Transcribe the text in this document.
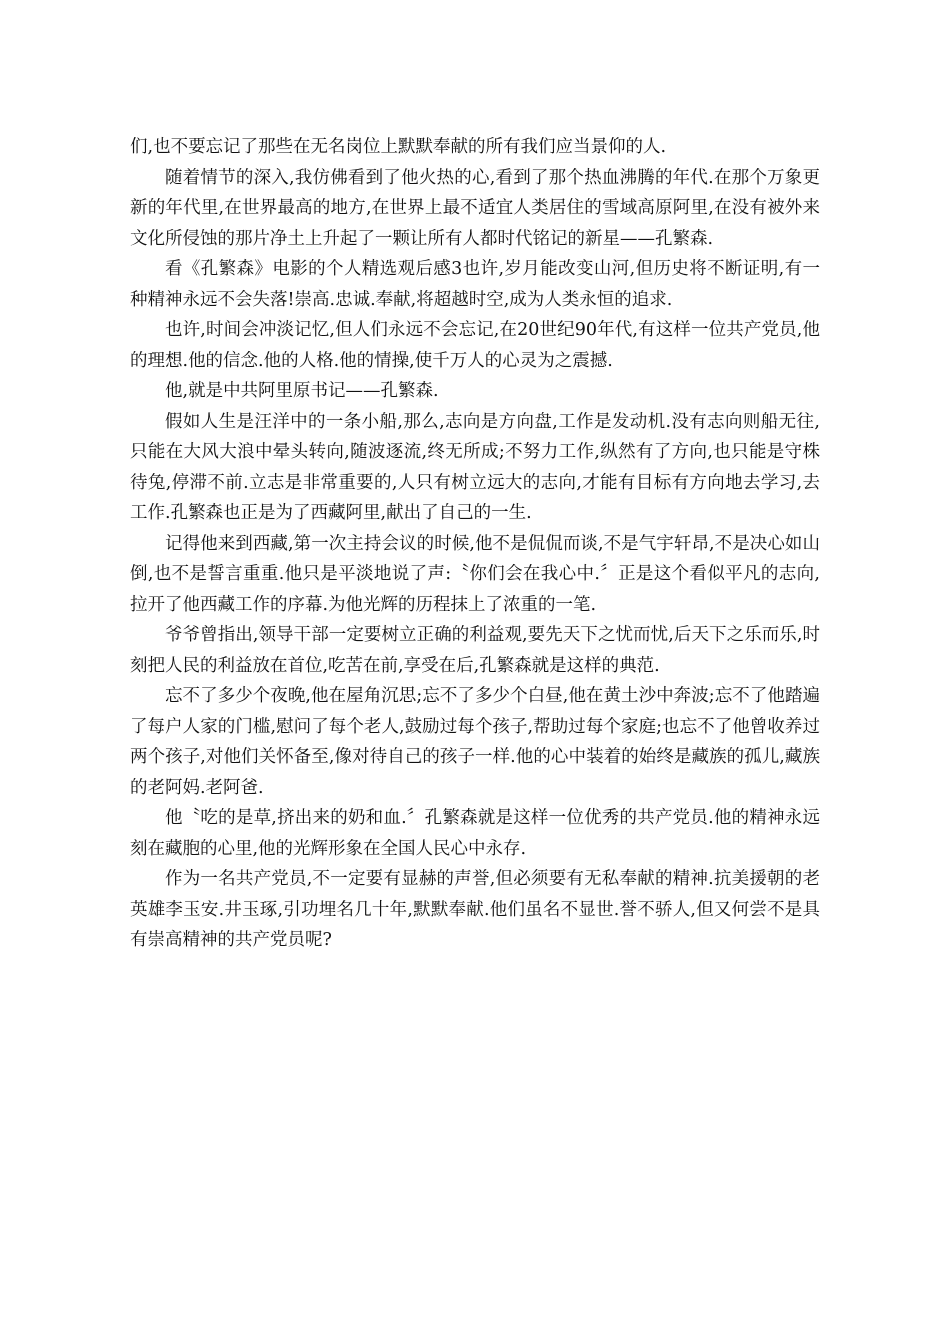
们,也不要忘记了那些在无名岗位上默默奉献的所有我们应当景仰的人.

随着情节的深入,我仿佛看到了他火热的心,看到了那个热血沸腾的年代.在那个万象更新的年代里,在世界最高的地方,在世界上最不适宜人类居住的雪域高原阿里,在没有被外来文化所侵蚀的那片净土上升起了一颗让所有人都时代铭记的新星——孔繁森.

看《孔繁森》电影的个人精选观后感3也许,岁月能改变山河,但历史将不断证明,有一种精神永远不会失落!崇高.忠诚.奉献,将超越时空,成为人类永恒的追求.

也许,时间会冲淡记忆,但人们永远不会忘记,在20世纪90年代,有这样一位共产党员,他的理想.他的信念.他的人格.他的情操,使千万人的心灵为之震撼.

他,就是中共阿里原书记——孔繁森.

假如人生是汪洋中的一条小船,那么,志向是方向盘,工作是发动机.没有志向则船无往,只能在大风大浪中晕头转向,随波逐流,终无所成;不努力工作,纵然有了方向,也只能是守株待兔,停滞不前.立志是非常重要的,人只有树立远大的志向,才能有目标有方向地去学习,去工作.孔繁森也正是为了西藏阿里,献出了自己的一生.

记得他来到西藏,第一次主持会议的时候,他不是侃侃而谈,不是气宇轩昂,不是决心如山倒,也不是誓言重重.他只是平淡地说了声:〝你们会在我心中.〞正是这个看似平凡的志向,拉开了他西藏工作的序幕.为他光辉的历程抹上了浓重的一笔.

爷爷曾指出,领导干部一定要树立正确的利益观,要先天下之忧而忧,后天下之乐而乐,时刻把人民的利益放在首位,吃苦在前,享受在后,孔繁森就是这样的典范.

忘不了多少个夜晚,他在屋角沉思;忘不了多少个白昼,他在黄土沙中奔波;忘不了他踏遍了每户人家的门槛,慰问了每个老人,鼓励过每个孩子,帮助过每个家庭;也忘不了他曾收养过两个孩子,对他们关怀备至,像对待自己的孩子一样.他的心中装着的始终是藏族的孤儿,藏族的老阿妈.老阿爸.

他〝吃的是草,挤出来的奶和血.〞孔繁森就是这样一位优秀的共产党员.他的精神永远刻在藏胞的心里,他的光辉形象在全国人民心中永存.

作为一名共产党员,不一定要有显赫的声誉,但必须要有无私奉献的精神.抗美援朝的老英雄李玉安.井玉琢,引功埋名几十年,默默奉献.他们虽名不显世.誉不骄人,但又何尝不是具有崇高精神的共产党员呢?
